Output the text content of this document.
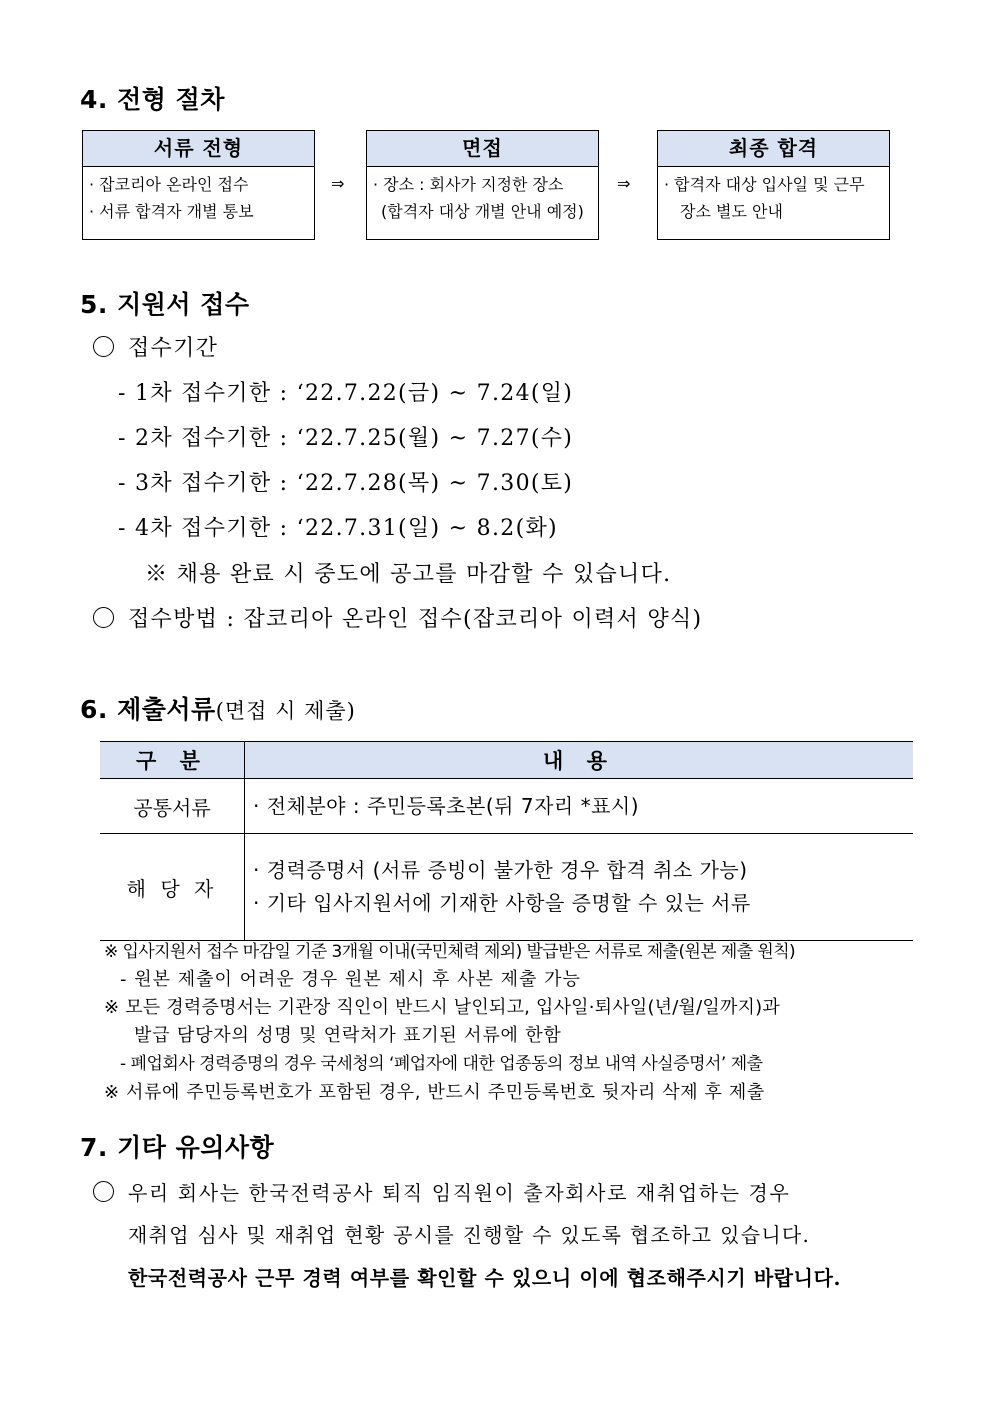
4. 전형 절차
서류 전형
· 잡코리아 온라인 접수
· 서류 합격자 개별 통보
⇒
면접
· 장소 : 회사가 지정한 장소
(합격자 대상 개별 안내 예정)
⇒
최종 합격
· 합격자 대상 입사일 및 근무
장소 별도 안내
5. 지원서 접수
접수기간
- 1차 접수기한 : ‘22.7.22(금) ~ 7.24(일)
- 2차 접수기한 : ‘22.7.25(월) ~ 7.27(수)
- 3차 접수기한 : ‘22.7.28(목) ~ 7.30(토)
- 4차 접수기한 : ‘22.7.31(일) ~ 8.2(화)
※ 채용 완료 시 중도에 공고를 마감할 수 있습니다.
접수방법 : 잡코리아 온라인 접수(잡코리아 이력서 양식)
6. 제출서류(면접 시 제출)
구 분	내 용
공통서류	· 전체분야 : 주민등록초본(뒤 7자리 *표시)

해 당 자	· 경력증명서 (서류 증빙이 불가한 경우 합격 취소 가능)
· 기타 입사지원서에 기재한 사항을 증명할 수 있는 서류
※ 입사지원서 접수 마감일 기준 3개월 이내(국민체력 제외) 발급받은 서류로 제출(원본 제출 원칙)
- 원본 제출이 어려운 경우 원본 제시 후 사본 제출 가능
※ 모든 경력증명서는 기관장 직인이 반드시 날인되고, 입사일·퇴사일(년/월/일까지)과
발급 담당자의 성명 및 연락처가 표기된 서류에 한함
- 폐업회사 경력증명의 경우 국세청의 ‘폐업자에 대한 업종동의 정보 내역 사실증명서’ 제출
※ 서류에 주민등록번호가 포함된 경우, 반드시 주민등록번호 뒷자리 삭제 후 제출
7. 기타 유의사항
우리 회사는 한국전력공사 퇴직 임직원이 출자회사로 재취업하는 경우
재취업 심사 및 재취업 현황 공시를 진행할 수 있도록 협조하고 있습니다.
한국전력공사 근무 경력 여부를 확인할 수 있으니 이에 협조해주시기 바랍니다.
